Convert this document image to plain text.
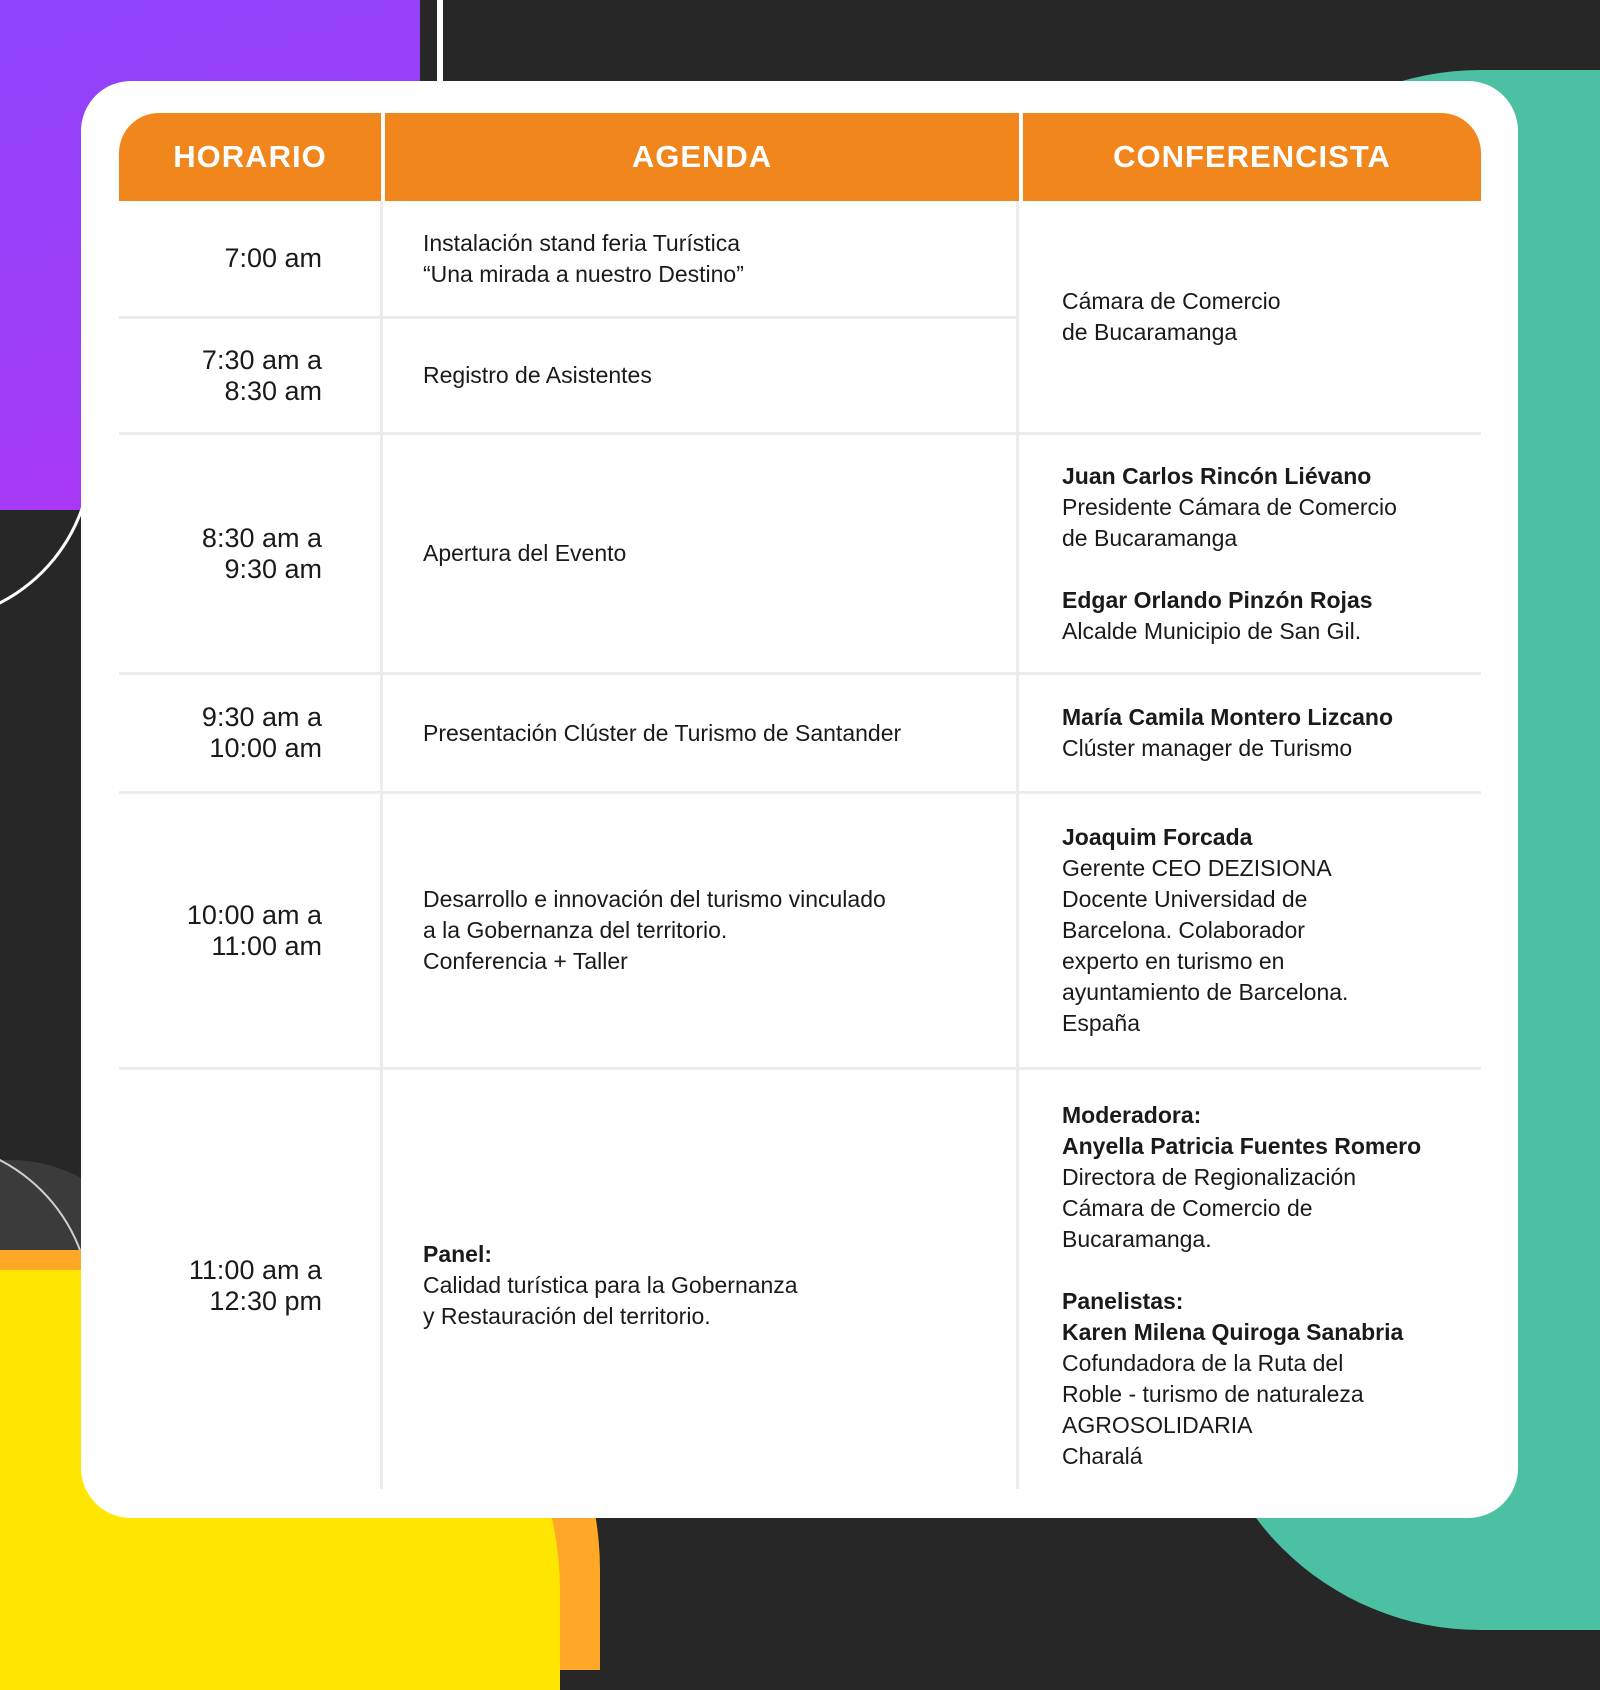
HORARIO	AGENDA	CONFERENCISTA
7:00 am
Instalación stand feria Turística
“Una mirada a nuestro Destino”
7:30 am a
8:30 am
Registro de Asistentes
Cámara de Comercio
de Bucaramanga
8:30 am a
9:30 am
Apertura del Evento
Juan Carlos Rincón Liévano
Presidente Cámara de Comercio
de Bucaramanga
Edgar Orlando Pinzón Rojas
Alcalde Municipio de San Gil.
9:30 am a
10:00 am
Presentación Clúster de Turismo de Santander
María Camila Montero Lizcano
Clúster manager de Turismo
10:00 am a
11:00 am
Desarrollo e innovación del turismo vinculado
a la Gobernanza del territorio.
Conferencia + Taller
Joaquim Forcada
Gerente CEO DEZISIONA
Docente Universidad de
Barcelona. Colaborador
experto en turismo en
ayuntamiento de Barcelona.
España
11:00 am a
12:30 pm
Panel:
Calidad turística para la Gobernanza
y Restauración del territorio.
Moderadora:
Anyella Patricia Fuentes Romero
Directora de Regionalización
Cámara de Comercio de
Bucaramanga.
Panelistas:
Karen Milena Quiroga Sanabria
Cofundadora de la Ruta del
Roble - turismo de naturaleza
AGROSOLIDARIA
Charalá
